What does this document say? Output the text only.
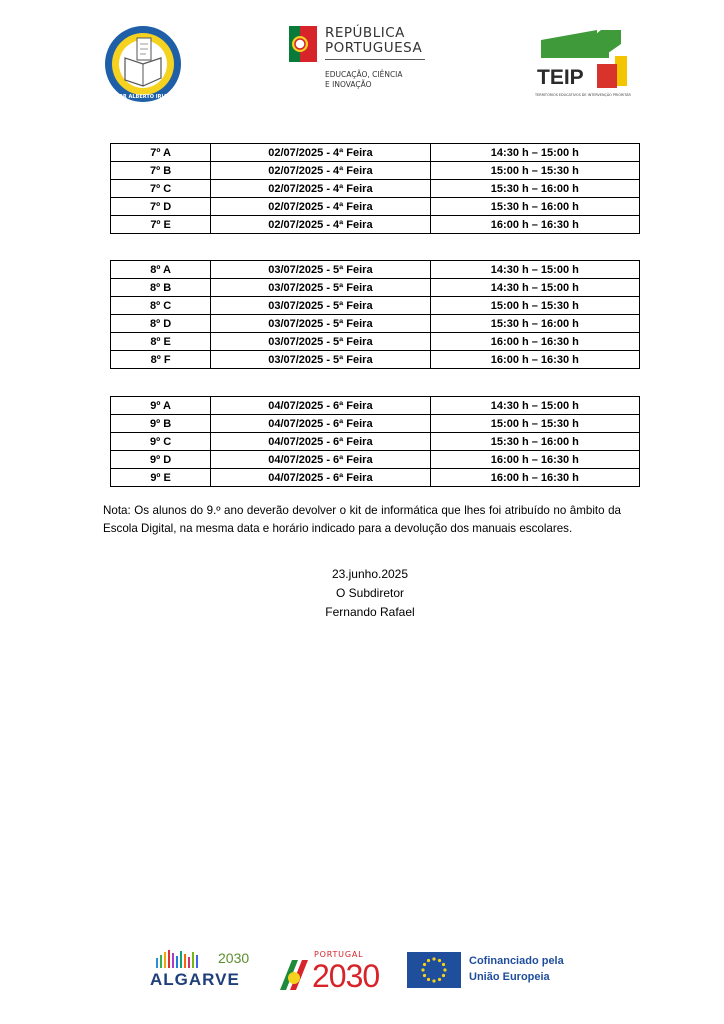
DR ALBERTO IRIA
REPÚBLICA
PORTUGUESA
EDUCAÇÃO, CIÊNCIA
E INOVAÇÃO	TEIP
TERRITÓRIOS EDUCATIVOS DE INTERVENÇÃO PRIORITÁRIA
7º A	02/07/2025 - 4ª Feira	14:30 h – 15:00 h
7º B	02/07/2025 - 4ª Feira	15:00 h – 15:30 h
7º C	02/07/2025 - 4ª Feira	15:30 h – 16:00 h
7º D	02/07/2025 - 4ª Feira	15:30 h – 16:00 h
7º E	02/07/2025 - 4ª Feira	16:00 h – 16:30 h
8º A	03/07/2025 - 5ª Feira	14:30 h – 15:00 h
8º B	03/07/2025 - 5ª Feira	14:30 h – 15:00 h
8º C	03/07/2025 - 5ª Feira	15:00 h – 15:30 h
8º D	03/07/2025 - 5ª Feira	15:30 h – 16:00 h
8º E	03/07/2025 - 5ª Feira	16:00 h – 16:30 h
8º F	03/07/2025 - 5ª Feira	16:00 h – 16:30 h
9º A	04/07/2025 - 6ª Feira	14:30 h – 15:00 h
9º B	04/07/2025 - 6ª Feira	15:00 h – 15:30 h
9º C	04/07/2025 - 6ª Feira	15:30 h – 16:00 h
9º D	04/07/2025 - 6ª Feira	16:00 h – 16:30 h
9º E	04/07/2025 - 6ª Feira	16:00 h – 16:30 h
Nota: Os alunos do 9.º ano deverão devolver o kit de informática que lhes foi atribuído no âmbito da Escola Digital, na mesma data e horário indicado para a devolução dos manuais escolares.
23.junho.2025
O Subdiretor
Fernando Rafael
2030
ALGARVE
PORTUGAL
2030	Cofinanciado pela
União Europeia
